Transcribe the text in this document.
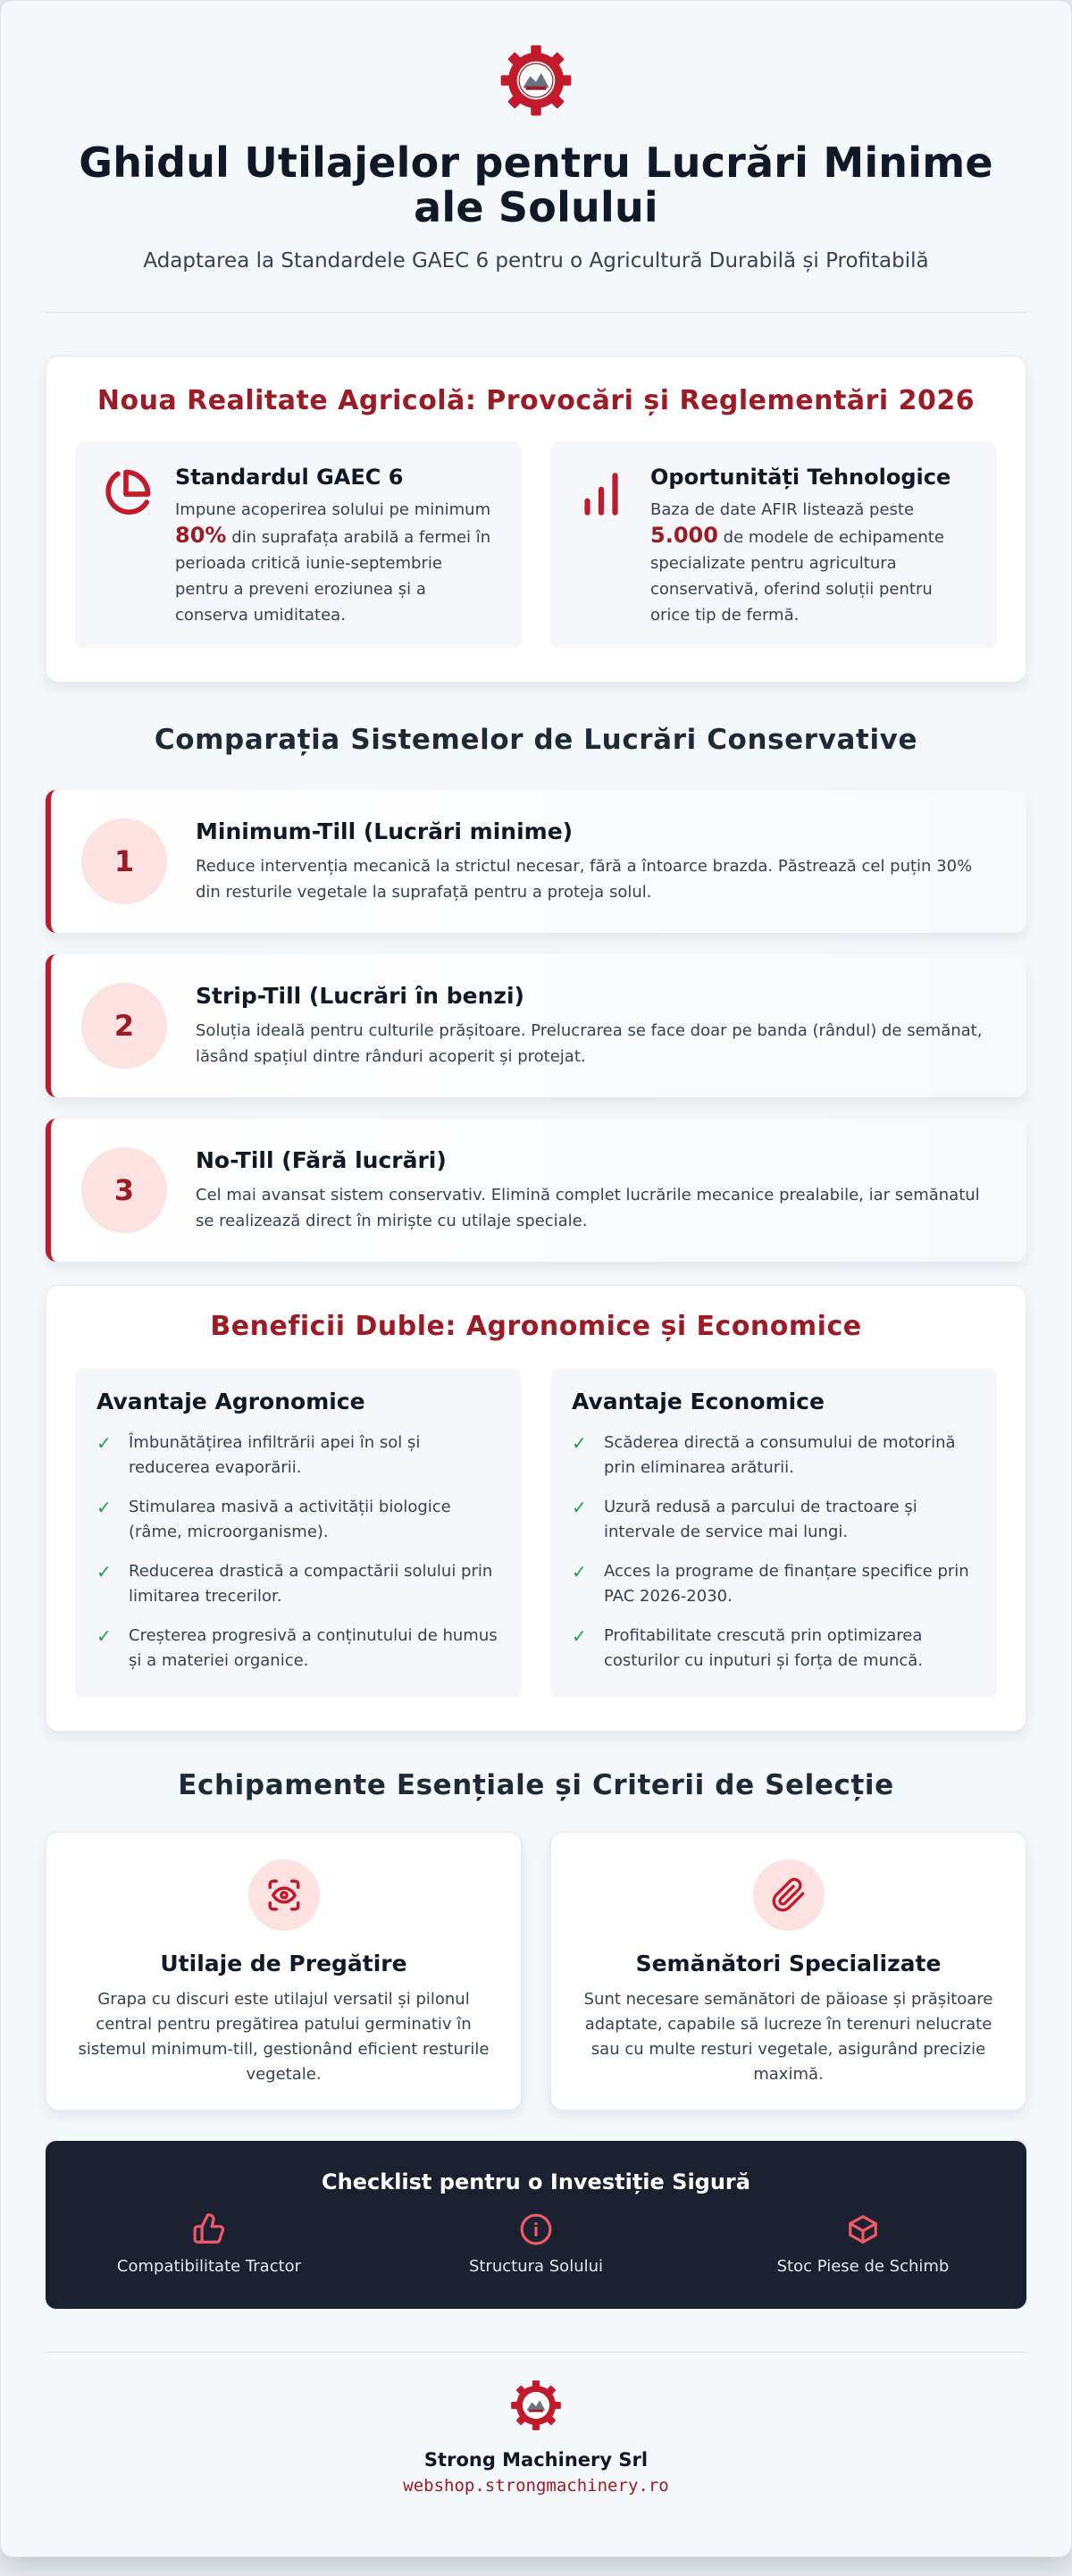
Ghidul Utilajelor pentru Lucrări Minime ale Solului

Adaptarea la Standardele GAEC 6 pentru o Agricultură Durabilă și Profitabilă

Noua Realitate Agricolă: Provocări și Reglementări 2026
Standardul GAEC 6
Impune acoperirea solului pe minimum 80% din suprafața arabilă a fermei în perioada critică iunie-septembrie pentru a preveni eroziunea și a conserva umiditatea.
Oportunități Tehnologice
Baza de date AFIR listează peste 5.000 de modele de echipamente specializate pentru agricultura conservativă, oferind soluții pentru orice tip de fermă.
Comparația Sistemelor de Lucrări Conservative
1
Minimum-Till (Lucrări minime)
Reduce intervenția mecanică la strictul necesar, fără a întoarce brazda. Păstrează cel puțin 30% din resturile vegetale la suprafață pentru a proteja solul.
2
Strip-Till (Lucrări în benzi)
Soluția ideală pentru culturile prășitoare. Prelucrarea se face doar pe banda (rândul) de semănat, lăsând spațiul dintre rânduri acoperit și protejat.
3
No-Till (Fără lucrări)
Cel mai avansat sistem conservativ. Elimină complet lucrările mecanice prealabile, iar semănatul se realizează direct în miriște cu utilaje speciale.
Beneficii Duble: Agronomice și Economice
Avantaje Agronomice
✓ Îmbunătățirea infiltrării apei în sol și reducerea evaporării.
✓ Stimularea masivă a activității biologice (râme, microorganisme).
✓ Reducerea drastică a compactării solului prin limitarea trecerilor.
✓ Creșterea progresivă a conținutului de humus și a materiei organice.
Avantaje Economice
✓ Scăderea directă a consumului de motorină prin eliminarea arăturii.
✓ Uzură redusă a parcului de tractoare și intervale de service mai lungi.
✓ Acces la programe de finanțare specifice prin PAC 2026-2030.
✓ Profitabilitate crescută prin optimizarea costurilor cu inputuri și forța de muncă.
Echipamente Esențiale și Criterii de Selecție
Utilaje de Pregătire
Grapa cu discuri este utilajul versatil și pilonul central pentru pregătirea patului germinativ în sistemul minimum-till, gestionând eficient resturile vegetale.
Semănători Specializate
Sunt necesare semănători de păioase și prășitoare adaptate, capabile să lucreze în terenuri nelucrate sau cu multe resturi vegetale, asigurând precizie maximă.
Checklist pentru o Investiție Sigură
Compatibilitate Tractor	Structura Solului	Stoc Piese de Schimb
Strong Machinery Srl
webshop.strongmachinery.ro
